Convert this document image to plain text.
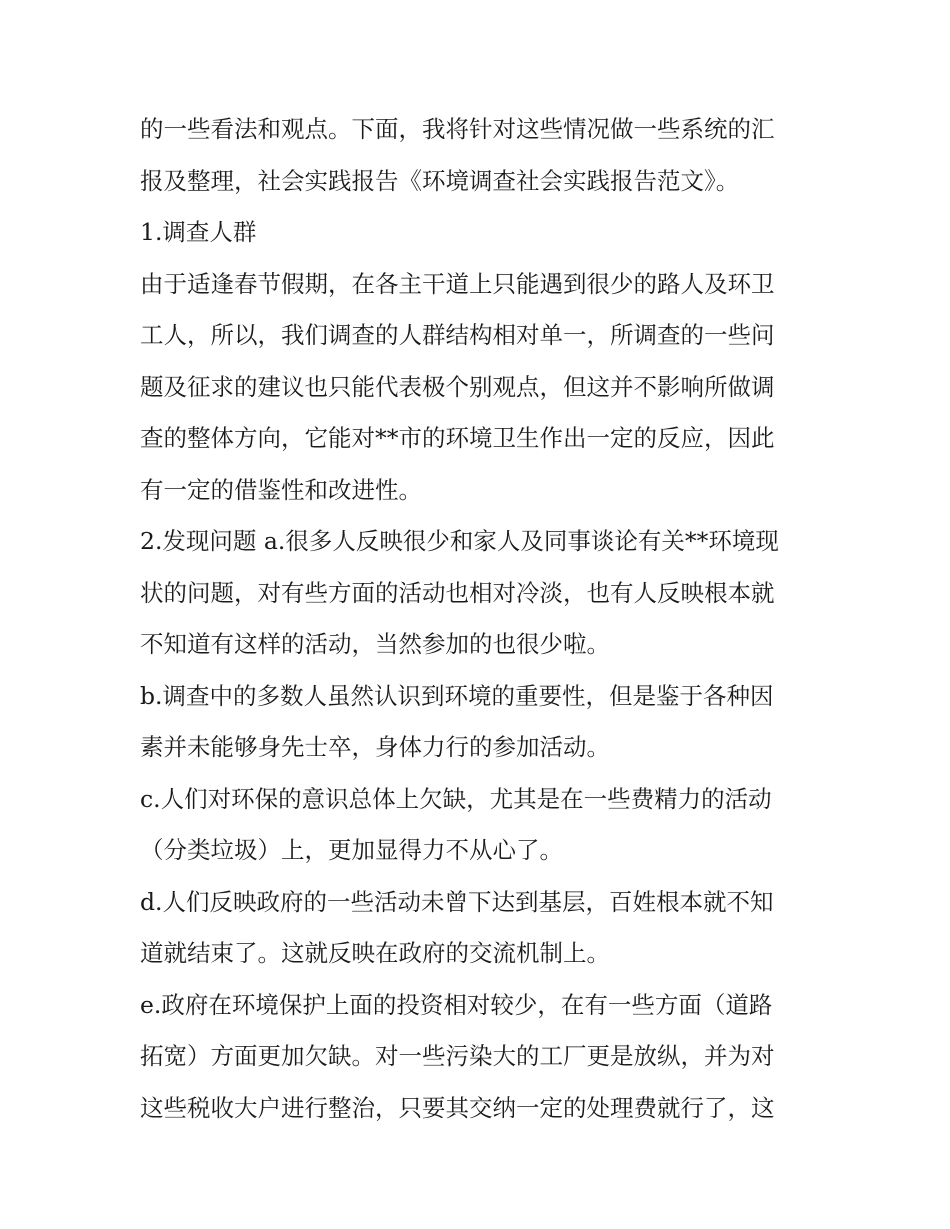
的一些看法和观点。下面，我将针对这些情况做一些系统的汇
报及整理，社会实践报告《环境调查社会实践报告范文》。
1.调查人群
由于适逢春节假期，在各主干道上只能遇到很少的路人及环卫
工人，所以，我们调查的人群结构相对单一，所调查的一些问
题及征求的建议也只能代表极个别观点，但这并不影响所做调
查的整体方向，它能对**市的环境卫生作出一定的反应，因此
有一定的借鉴性和改进性。
2.发现问题 a.很多人反映很少和家人及同事谈论有关**环境现
状的问题，对有些方面的活动也相对冷淡，也有人反映根本就
不知道有这样的活动，当然参加的也很少啦。
b.调查中的多数人虽然认识到环境的重要性，但是鉴于各种因
素并未能够身先士卒，身体力行的参加活动。
c.人们对环保的意识总体上欠缺，尤其是在一些费精力的活动
（分类垃圾）上，更加显得力不从心了。
d.人们反映政府的一些活动未曾下达到基层，百姓根本就不知
道就结束了。这就反映在政府的交流机制上。
e.政府在环境保护上面的投资相对较少，在有一些方面（道路
拓宽）方面更加欠缺。对一些污染大的工厂更是放纵，并为对
这些税收大户进行整治，只要其交纳一定的处理费就行了，这
